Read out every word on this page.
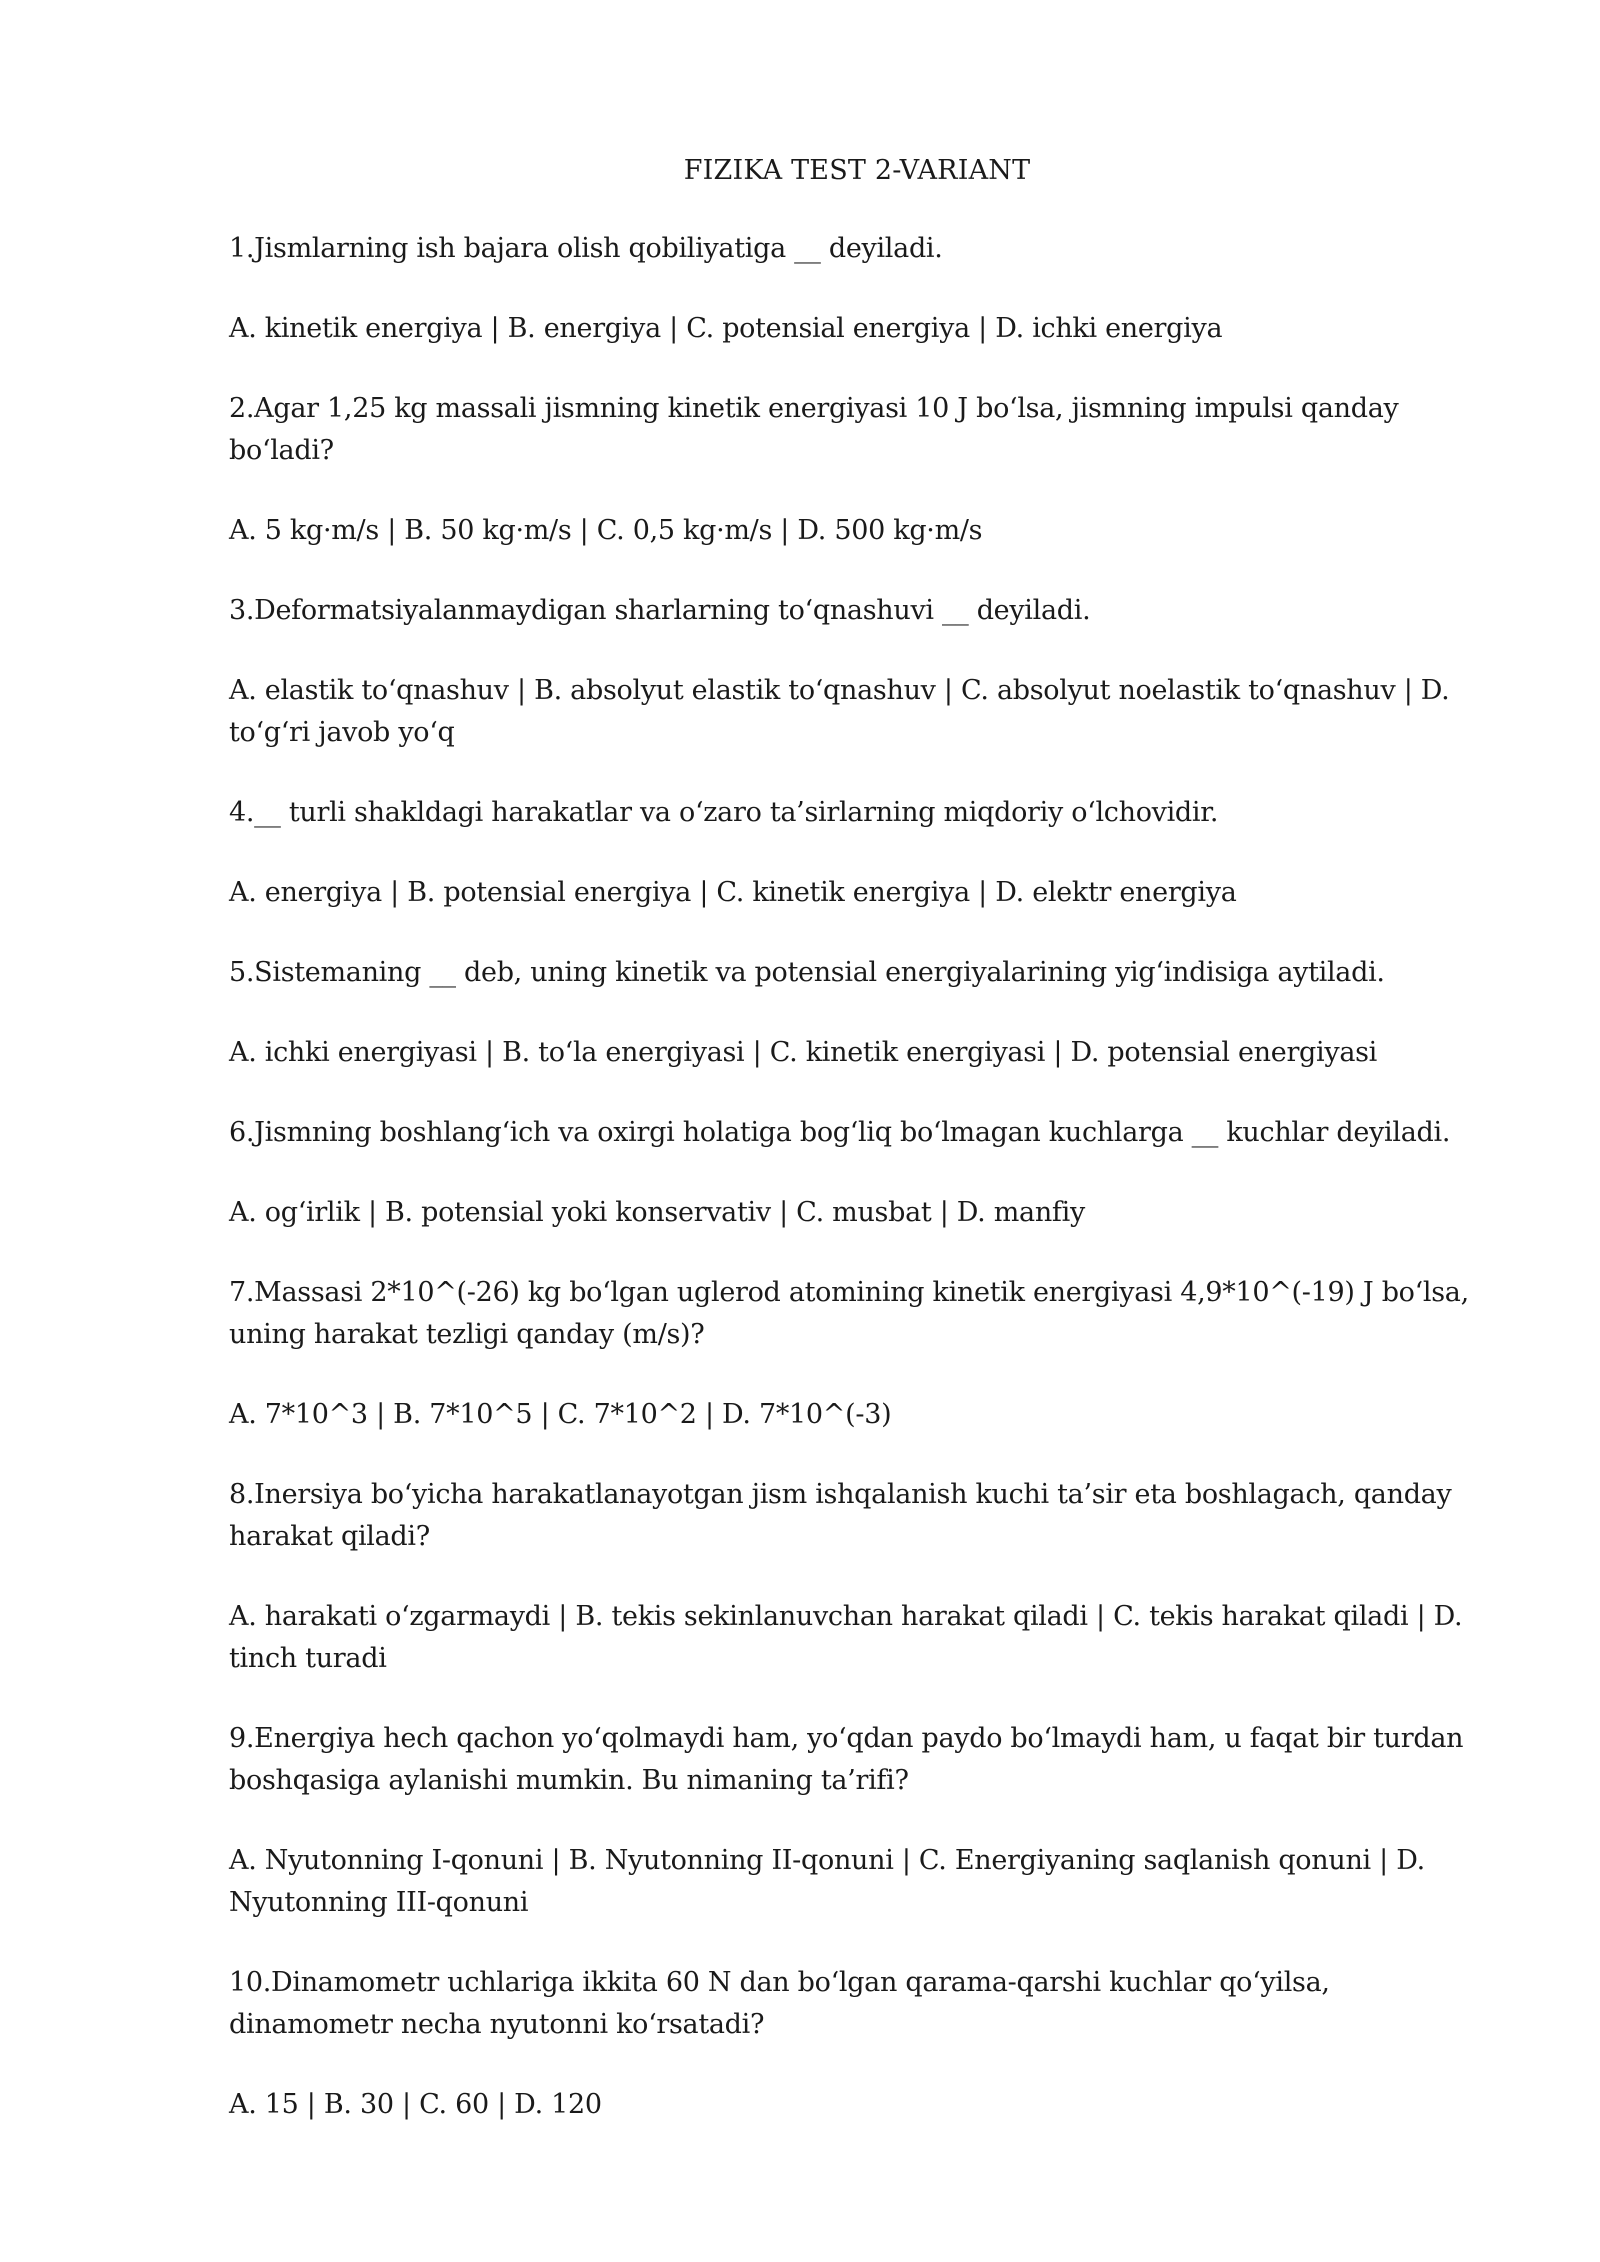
FIZIKA TEST 2-VARIANT

1.Jismlarning ish bajara olish qobiliyatiga __ deyiladi.

A. kinetik energiya | B. energiya | C. potensial energiya | D. ichki energiya

2.Agar 1,25 kg massali jismning kinetik energiyasi 10 J bo‘lsa, jismning impulsi qanday bo‘ladi?

A. 5 kg·m/s | B. 50 kg·m/s | C. 0,5 kg·m/s | D. 500 kg·m/s

3.Deformatsiyalanmaydigan sharlarning to‘qnashuvi __ deyiladi.

A. elastik to‘qnashuv | B. absolyut elastik to‘qnashuv | C. absolyut noelastik to‘qnashuv | D. to‘g‘ri javob yo‘q

4.__ turli shakldagi harakatlar va o‘zaro ta’sirlarning miqdoriy o‘lchovidir.

A. energiya | B. potensial energiya | C. kinetik energiya | D. elektr energiya

5.Sistemaning __ deb, uning kinetik va potensial energiyalarining yig‘indisiga aytiladi.

A. ichki energiyasi | B. to‘la energiyasi | C. kinetik energiyasi | D. potensial energiyasi

6.Jismning boshlang‘ich va oxirgi holatiga bog‘liq bo‘lmagan kuchlarga __ kuchlar deyiladi.

A. og‘irlik | B. potensial yoki konservativ | C. musbat | D. manfiy

7.Massasi 2*10^(-26) kg bo‘lgan uglerod atomining kinetik energiyasi 4,9*10^(-19) J bo‘lsa, uning harakat tezligi qanday (m/s)?

A. 7*10^3 | B. 7*10^5 | C. 7*10^2 | D. 7*10^(-3)

8.Inersiya bo‘yicha harakatlanayotgan jism ishqalanish kuchi ta’sir eta boshlagach, qanday harakat qiladi?

A. harakati o‘zgarmaydi | B. tekis sekinlanuvchan harakat qiladi | C. tekis harakat qiladi | D. tinch turadi

9.Energiya hech qachon yo‘qolmaydi ham, yo‘qdan paydo bo‘lmaydi ham, u faqat bir turdan boshqasiga aylanishi mumkin. Bu nimaning ta’rifi?

A. Nyutonning I-qonuni | B. Nyutonning II-qonuni | C. Energiyaning saqlanish qonuni | D. Nyutonning III-qonuni

10.Dinamometr uchlariga ikkita 60 N dan bo‘lgan qarama-qarshi kuchlar qo‘yilsa, dinamometr necha nyutonni ko‘rsatadi?

A. 15 | B. 30 | C. 60 | D. 120
